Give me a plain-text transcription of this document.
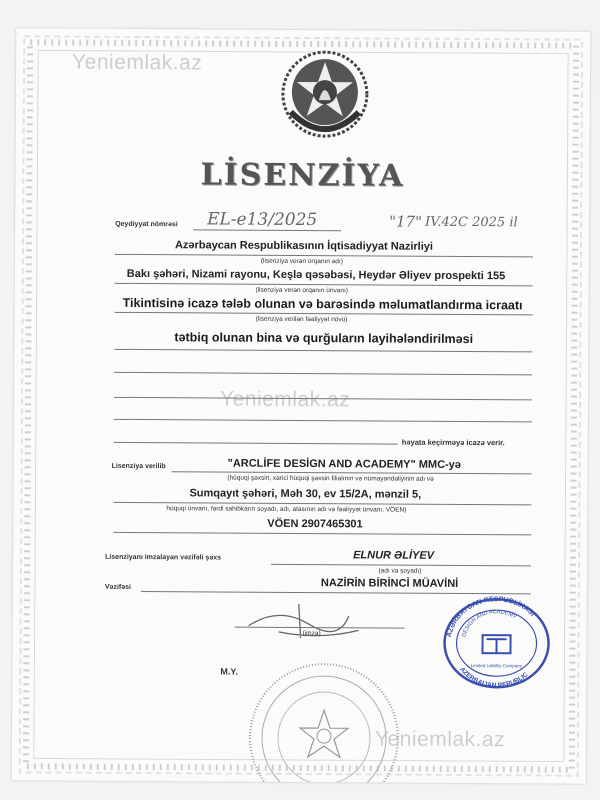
Yeniemlak.az
Yeniemlak.az
Yeniemlak.az
LİSENZİYA
Qeydiyyat nömrəsi EL-e13/2025	"17" IV.42C 2025 il
Azərbaycan Respublikasının İqtisadiyyat Nazirliyi
(lisenziya verən orqanın adı)
Bakı şəhəri, Nizami rayonu, Keşlə qəsəbəsi, Heydər Əliyev prospekti 155
(lisenziya verən orqanın ünvanı)
Tikintisinə icazə tələb olunan və barəsində məlumatlandırma icraatı
(lisenziya verilən fəaliyyət növü)
tətbiq olunan bina və qurğuların layihələndirilməsi
həyata keçirməyə icazə verir.
Lisenziya verilib	"ARCLİFE DESİGN AND ACADEMY" MMC-yə
(hüquqi şəxsin, xarici hüquqi şəxsin filialının və nümayəndəliyinin adı və
Sumqayıt şəhəri, Məh 30, ev 15/2A, mənzil 5,
hüquqi ünvanı, fərdi sahibkarın soyadı, adı, atasının adı və fəaliyyət ünvanı, VÖEN)
VÖEN 2907465301
Lisenziyanı imzalayan vəzifəli şəxs	ELNUR ƏLİYEV
(adı və soyadı)
Vəzifəsi	NAZİRİN BİRİNCİ MÜAVİNİ
(imza)
M.Y.
AZƏRBAYCAN RESPUBLİKASI
AZERBAIJAN REPUBLIC
DESIGN AND ACADEMY
Limited Liability Company
